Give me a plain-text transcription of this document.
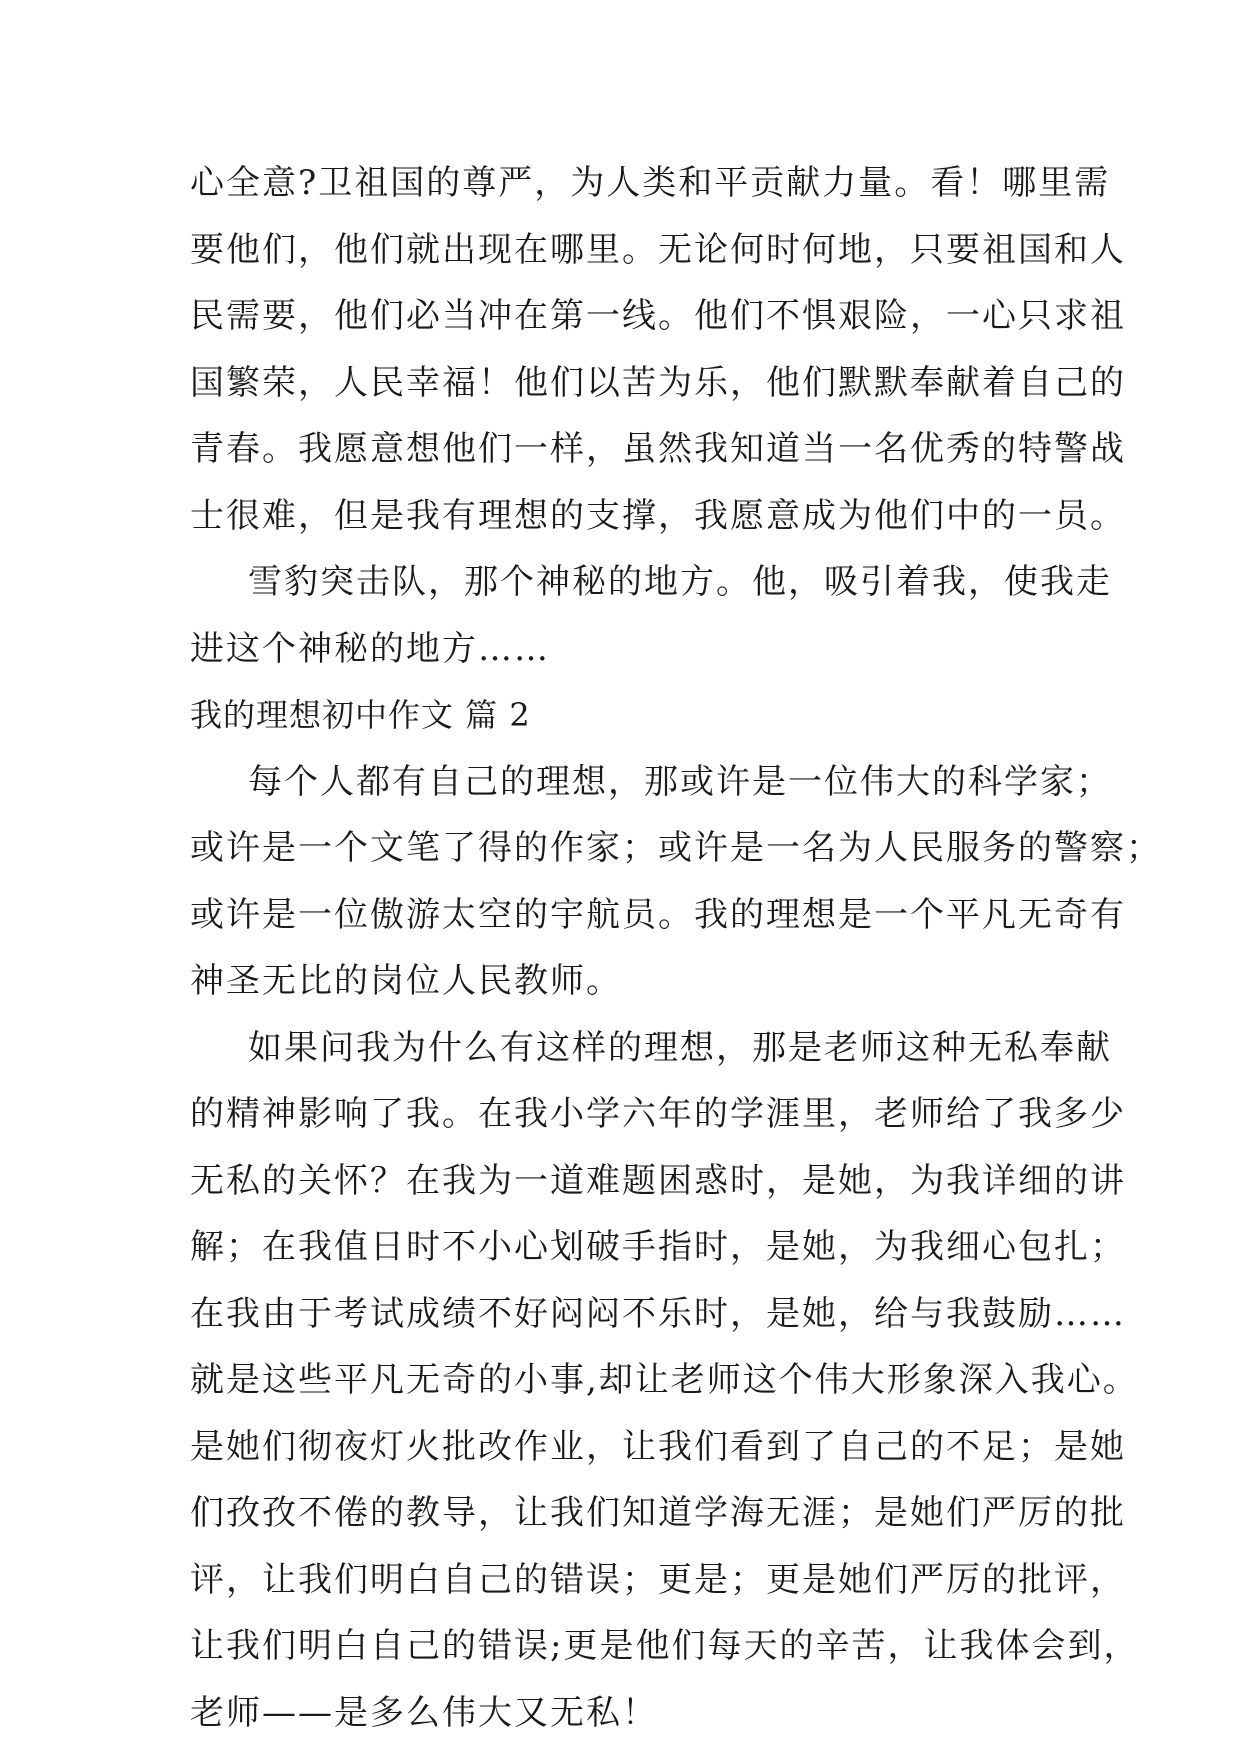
心全意?卫祖国的尊严，为人类和平贡献力量。看！哪里需
要他们，他们就出现在哪里。无论何时何地，只要祖国和人
民需要，他们必当冲在第一线。他们不惧艰险，一心只求祖
国繁荣，人民幸福！他们以苦为乐，他们默默奉献着自己的
青春。我愿意想他们一样，虽然我知道当一名优秀的特警战
士很难，但是我有理想的支撑，我愿意成为他们中的一员。
雪豹突击队，那个神秘的地方。他，吸引着我，使我走
进这个神秘的地方……
我的理想初中作文 篇 2
每个人都有自己的理想，那或许是一位伟大的科学家；
或许是一个文笔了得的作家；或许是一名为人民服务的警察；
或许是一位傲游太空的宇航员。我的理想是一个平凡无奇有
神圣无比的岗位人民教师。
如果问我为什么有这样的理想，那是老师这种无私奉献
的精神影响了我。在我小学六年的学涯里，老师给了我多少
无私的关怀？在我为一道难题困惑时，是她，为我详细的讲
解；在我值日时不小心划破手指时，是她，为我细心包扎；
在我由于考试成绩不好闷闷不乐时，是她，给与我鼓励……
就是这些平凡无奇的小事,却让老师这个伟大形象深入我心。
是她们彻夜灯火批改作业，让我们看到了自己的不足；是她
们孜孜不倦的教导，让我们知道学海无涯；是她们严厉的批
评，让我们明白自己的错误；更是；更是她们严厉的批评，
让我们明白自己的错误;更是他们每天的辛苦，让我体会到，
老师——是多么伟大又无私！
